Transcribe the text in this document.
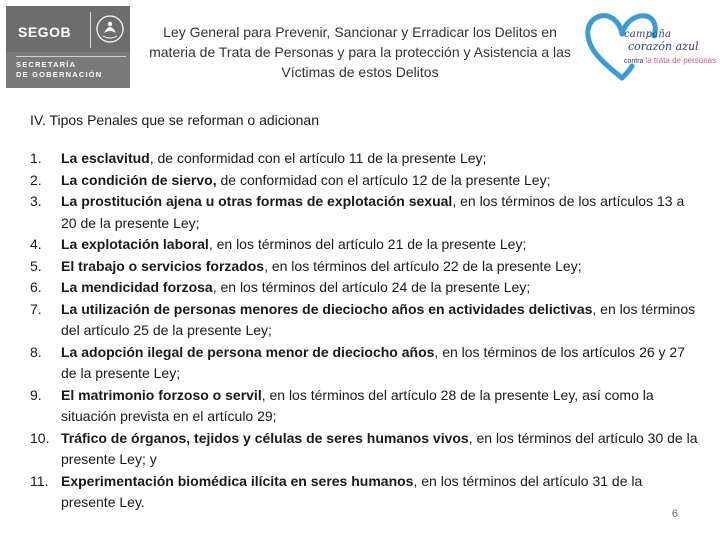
SEGOB
SECRETARÍA
DE GOBERNACIÓN
Ley General para Prevenir, Sancionar y Erradicar los Delitos en materia de Trata de Personas y para la protección y Asistencia a las Víctimas de estos Delitos
campaña
corazón azul
contra la trata de personas
IV. Tipos Penales que se reforman o adicionan
1.	La esclavitud, de conformidad con el artículo 11 de la presente Ley;
2.	La condición de siervo, de conformidad con el artículo 12 de la presente Ley;
3.	La prostitución ajena u otras formas de explotación sexual, en los términos de los artículos 13 a 20 de la presente Ley;
4.	La explotación laboral, en los términos del artículo 21 de la presente Ley;
5.	El trabajo o servicios forzados, en los términos del artículo 22 de la presente Ley;
6.	La mendicidad forzosa, en los términos del artículo 24 de la presente Ley;
7.	La utilización de personas menores de dieciocho años en actividades delictivas, en los términos del artículo 25 de la presente Ley;
8.	La adopción ilegal de persona menor de dieciocho años, en los términos de los artículos 26 y 27 de la presente Ley;
9.	El matrimonio forzoso o servil, en los términos del artículo 28 de la presente Ley, así como la situación prevista en el artículo 29;
10. Tráfico de órganos, tejidos y células de seres humanos vivos, en los términos del artículo 30 de la presente Ley; y
11. Experimentación biomédica ilícita en seres humanos, en los términos del artículo 31 de la presente Ley.
6
